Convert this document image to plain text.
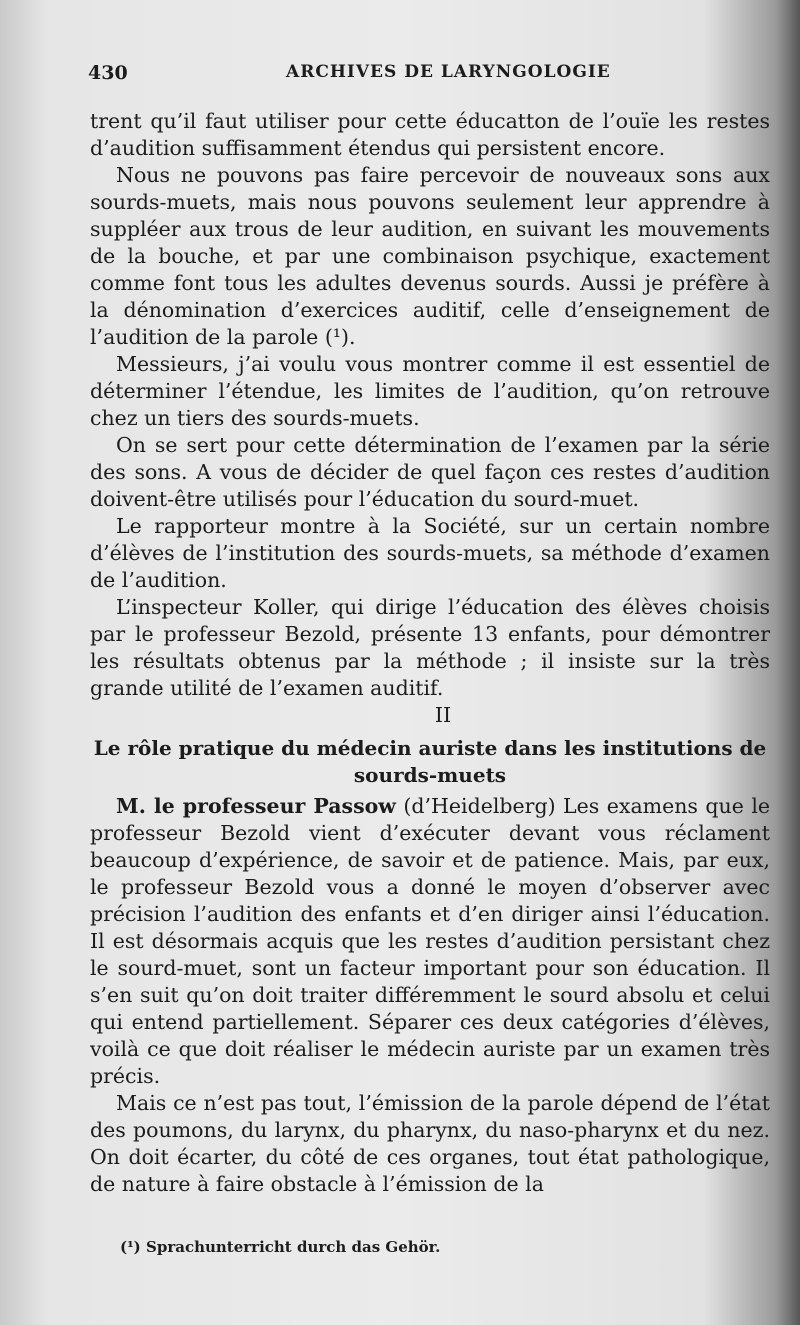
430	ARCHIVES DE LARYNGOLOGIE

trent qu’il faut utiliser pour cette éducatton de l’ouïe les restes d’audition suffisamment étendus qui persistent encore.

Nous ne pouvons pas faire percevoir de nouveaux sons aux sourds-muets, mais nous pouvons seulement leur apprendre à suppléer aux trous de leur audition, en suivant les mouvements de la bouche, et par une combinaison psychique, exactement comme font tous les adultes devenus sourds. Aussi je préfère à la dénomination d’exercices auditif, celle d’enseignement de l’audition de la parole (¹).

Messieurs, j’ai voulu vous montrer comme il est essentiel de déterminer l’étendue, les limites de l’audition, qu’on retrouve chez un tiers des sourds-muets.

On se sert pour cette détermination de l’examen par la série des sons. A vous de décider de quel façon ces restes d’audition doivent-être utilisés pour l’éducation du sourd-muet.

Le rapporteur montre à la Société, sur un certain nombre d’élèves de l’institution des sourds-muets, sa méthode d’examen de l’audition.

L’inspecteur Koller, qui dirige l’éducation des élèves choisis par le professeur Bezold, présente 13 enfants, pour démontrer les résultats obtenus par la méthode ; il insiste sur la très grande utilité de l’examen auditif.

II

Le rôle pratique du médecin auriste dans les institutions de sourds-muets

M. le professeur Passow (d’Heidelberg) Les examens que le professeur Bezold vient d’exécuter devant vous réclament beaucoup d’expérience, de savoir et de patience. Mais, par eux, le professeur Bezold vous a donné le moyen d’observer avec précision l’audition des enfants et d’en diriger ainsi l’éducation. Il est désormais acquis que les restes d’audition persistant chez le sourd-muet, sont un facteur important pour son éducation. Il s’en suit qu’on doit traiter différemment le sourd absolu et celui qui entend partiellement. Séparer ces deux catégories d’élèves, voilà ce que doit réaliser le médecin auriste par un examen très précis.

Mais ce n’est pas tout, l’émission de la parole dépend de l’état des poumons, du larynx, du pharynx, du naso-pharynx et du nez. On doit écarter, du côté de ces organes, tout état pathologique, de nature à faire obstacle à l’émission de la

(¹) Sprachunterricht durch das Gehör.
